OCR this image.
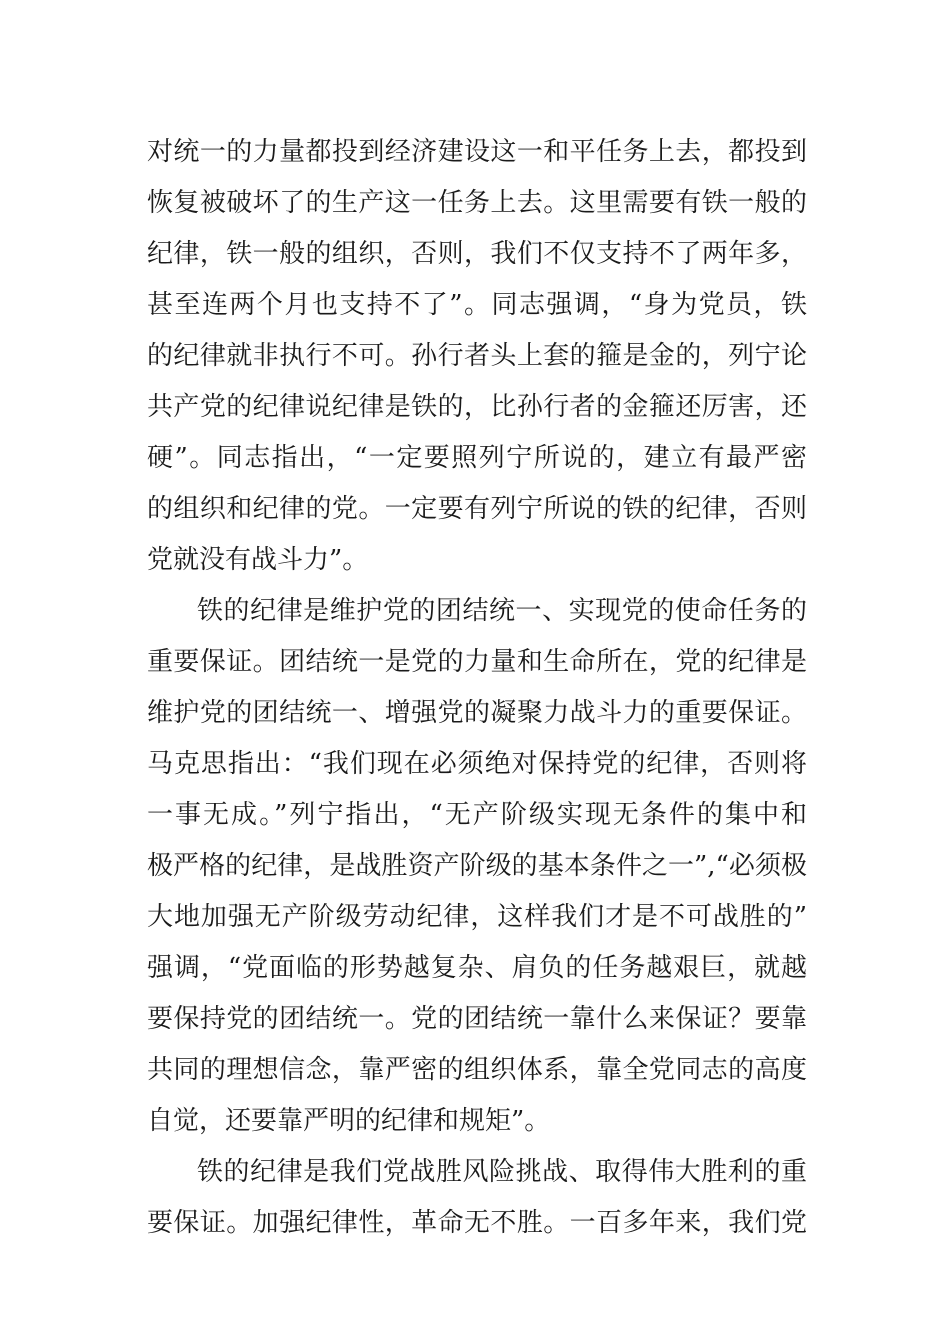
对统一的力量都投到经济建设这一和平任务上去，都投到
恢复被破坏了的生产这一任务上去。这里需要有铁一般的
纪律，铁一般的组织，否则，我们不仅支持不了两年多，
甚至连两个月也支持不了”。同志强调，“身为党员，铁
的纪律就非执行不可。孙行者头上套的箍是金的，列宁论
共产党的纪律说纪律是铁的，比孙行者的金箍还厉害，还
硬”。同志指出，“一定要照列宁所说的，建立有最严密
的组织和纪律的党。一定要有列宁所说的铁的纪律，否则
党就没有战斗力”。
铁的纪律是维护党的团结统一、实现党的使命任务的
重要保证。团结统一是党的力量和生命所在，党的纪律是
维护党的团结统一、增强党的凝聚力战斗力的重要保证。
马克思指出：“我们现在必须绝对保持党的纪律，否则将
一事无成。”列宁指出，“无产阶级实现无条件的集中和
极严格的纪律，是战胜资产阶级的基本条件之一”,“必须极
大地加强无产阶级劳动纪律，这样我们才是不可战胜的”
强调，“党面临的形势越复杂、肩负的任务越艰巨，就越
要保持党的团结统一。党的团结统一靠什么来保证？要靠
共同的理想信念，靠严密的组织体系，靠全党同志的高度
自觉，还要靠严明的纪律和规矩”。
铁的纪律是我们党战胜风险挑战、取得伟大胜利的重
要保证。加强纪律性，革命无不胜。一百多年来，我们党
